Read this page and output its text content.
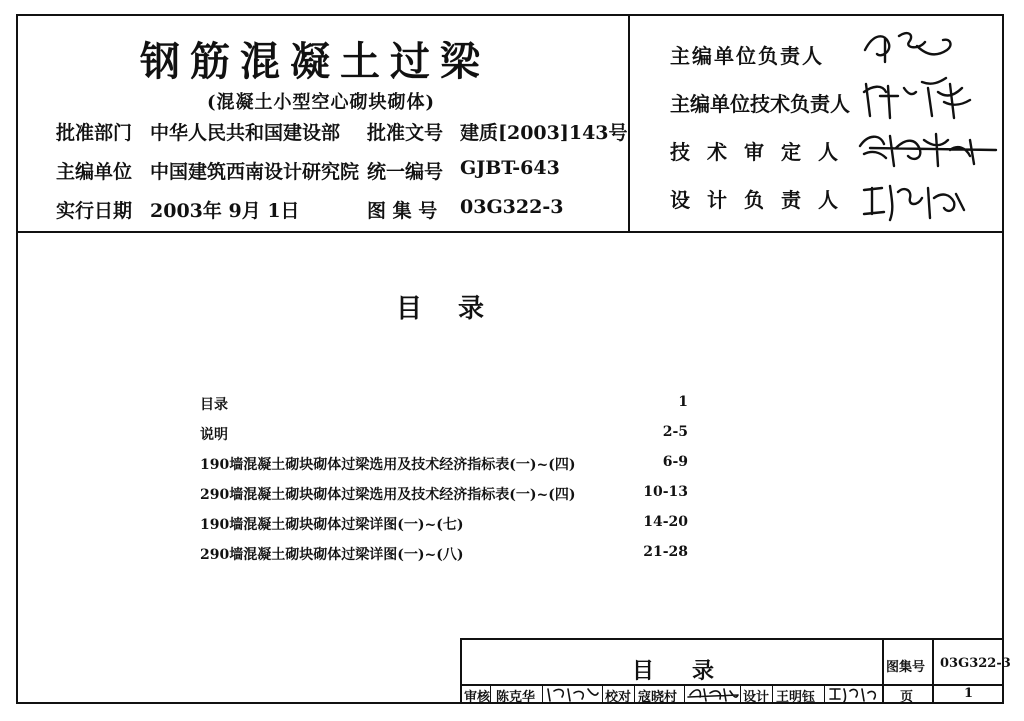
钢筋混凝土过梁
(混凝土小型空心砌块砌体)
批准部门 中华人民共和国建设部 批准文号 建质[2003]143号
主编单位 中国建筑西南设计研究院 统一编号 GJBT-643
实行日期 2003年 9月 1日	图 集 号 03G322-3
主编单位负责人
主编单位技术负责人
技术审定人
设计负责人
目录
目录	1
说明	2-5
190墙混凝土砌块砌体过梁选用及技术经济指标表(一)~(四)	6-9
290墙混凝土砌块砌体过梁选用及技术经济指标表(一)~(四)	10-13
190墙混凝土砌块砌体过梁详图(一)~(七)	14-20
290墙混凝土砌块砌体过梁详图(一)~(八)	21-28
目录	图集号 03G322-3
审核 陈克华	校对 寇晓村	设计 王明钰	页	1
